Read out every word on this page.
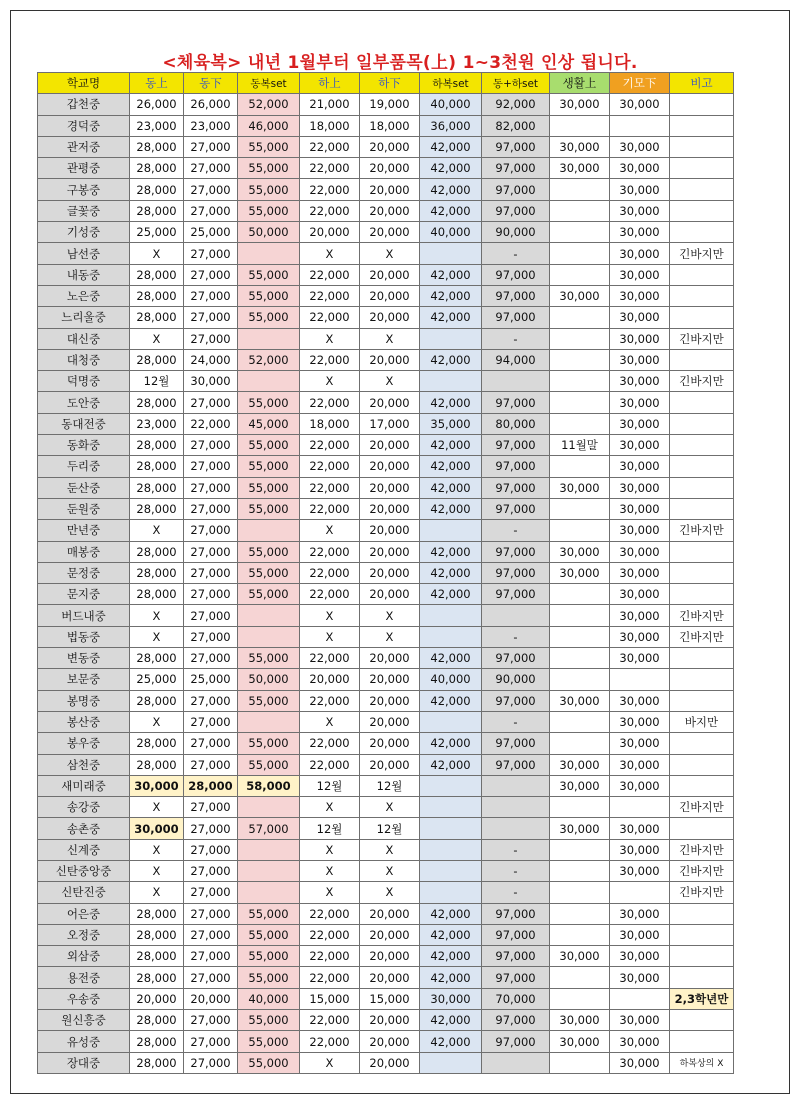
<체육복> 내년 1월부터 일부품목(上) 1~3천원 인상 됩니다.
학교명	동上	동下	동복set	하上	하下	하복set	동+하set	생활上	기모下	비고
갑천중	26,000	26,000	52,000	21,000	19,000	40,000	92,000	30,000	30,000	
경덕중	23,000	23,000	46,000	18,000	18,000	36,000	82,000			
관저중	28,000	27,000	55,000	22,000	20,000	42,000	97,000	30,000	30,000	
관평중	28,000	27,000	55,000	22,000	20,000	42,000	97,000	30,000	30,000	
구봉중	28,000	27,000	55,000	22,000	20,000	42,000	97,000		30,000	
글꽃중	28,000	27,000	55,000	22,000	20,000	42,000	97,000		30,000	
기성중	25,000	25,000	50,000	20,000	20,000	40,000	90,000		30,000	
남선중	X	27,000		X	X		-		30,000	긴바지만
내동중	28,000	27,000	55,000	22,000	20,000	42,000	97,000		30,000	
노은중	28,000	27,000	55,000	22,000	20,000	42,000	97,000	30,000	30,000	
느리울중	28,000	27,000	55,000	22,000	20,000	42,000	97,000		30,000	
대신중	X	27,000		X	X		-		30,000	긴바지만
대청중	28,000	24,000	52,000	22,000	20,000	42,000	94,000		30,000	
덕명중	12월	30,000		X	X				30,000	긴바지만
도안중	28,000	27,000	55,000	22,000	20,000	42,000	97,000		30,000	
동대전중	23,000	22,000	45,000	18,000	17,000	35,000	80,000		30,000	
동화중	28,000	27,000	55,000	22,000	20,000	42,000	97,000	11월말	30,000	
두리중	28,000	27,000	55,000	22,000	20,000	42,000	97,000		30,000	
둔산중	28,000	27,000	55,000	22,000	20,000	42,000	97,000	30,000	30,000	
둔원중	28,000	27,000	55,000	22,000	20,000	42,000	97,000		30,000	
만년중	X	27,000		X	20,000		-		30,000	긴바지만
매봉중	28,000	27,000	55,000	22,000	20,000	42,000	97,000	30,000	30,000	
문정중	28,000	27,000	55,000	22,000	20,000	42,000	97,000	30,000	30,000	
문지중	28,000	27,000	55,000	22,000	20,000	42,000	97,000		30,000	
버드내중	X	27,000		X	X				30,000	긴바지만
법동중	X	27,000		X	X		-		30,000	긴바지만
변동중	28,000	27,000	55,000	22,000	20,000	42,000	97,000		30,000	
보문중	25,000	25,000	50,000	20,000	20,000	40,000	90,000			
봉명중	28,000	27,000	55,000	22,000	20,000	42,000	97,000	30,000	30,000	
봉산중	X	27,000		X	20,000		-		30,000	바지만
봉우중	28,000	27,000	55,000	22,000	20,000	42,000	97,000		30,000	
삼천중	28,000	27,000	55,000	22,000	20,000	42,000	97,000	30,000	30,000	
새미래중	30,000	28,000	58,000	12월	12월			30,000	30,000	
송강중	X	27,000		X	X					긴바지만
송촌중	30,000	27,000	57,000	12월	12월			30,000	30,000	
신계중	X	27,000		X	X		-		30,000	긴바지만
신탄중앙중	X	27,000		X	X		-		30,000	긴바지만
신탄진중	X	27,000		X	X		-			긴바지만
어은중	28,000	27,000	55,000	22,000	20,000	42,000	97,000		30,000	
오정중	28,000	27,000	55,000	22,000	20,000	42,000	97,000		30,000	
외삼중	28,000	27,000	55,000	22,000	20,000	42,000	97,000	30,000	30,000	
용전중	28,000	27,000	55,000	22,000	20,000	42,000	97,000		30,000	
우송중	20,000	20,000	40,000	15,000	15,000	30,000	70,000			2,3학년만
원신흥중	28,000	27,000	55,000	22,000	20,000	42,000	97,000	30,000	30,000	
유성중	28,000	27,000	55,000	22,000	20,000	42,000	97,000	30,000	30,000	
장대중	28,000	27,000	55,000	X	20,000				30,000	하복상의 X
